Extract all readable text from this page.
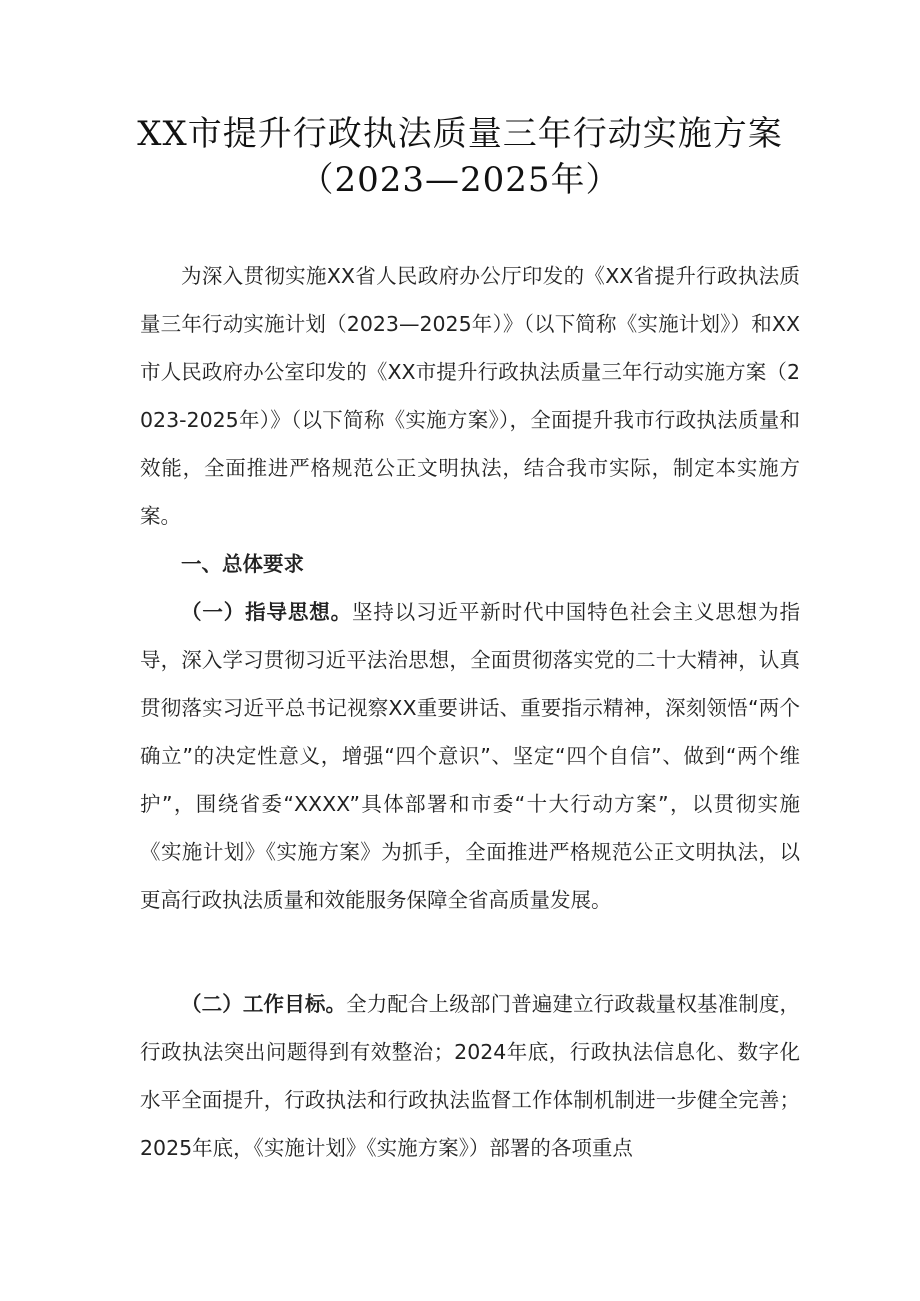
XX市提升行政执法质量三年行动实施方案
（2023—2025年）

为深入贯彻实施XX省人民政府办公厅印发的《XX省提升行政执法质量三年行动实施计划（2023—2025年）》（以下简称《实施计划》）和XX市人民政府办公室印发的《XX市提升行政执法质量三年行动实施方案（2023-2025年）》（以下简称《实施方案》），全面提升我市行政执法质量和效能，全面推进严格规范公正文明执法，结合我市实际，制定本实施方案。

一、总体要求

（一）指导思想。坚持以习近平新时代中国特色社会主义思想为指导，深入学习贯彻习近平法治思想，全面贯彻落实党的二十大精神，认真贯彻落实习近平总书记视察XX重要讲话、重要指示精神，深刻领悟“两个确立”的决定性意义，增强“四个意识”、坚定“四个自信”、做到“两个维护”，围绕省委“XXXX”具体部署和市委“十大行动方案”，以贯彻实施《实施计划》《实施方案》为抓手，全面推进严格规范公正文明执法，以更高行政执法质量和效能服务保障全省高质量发展。

（二）工作目标。全力配合上级部门普遍建立行政裁量权基准制度，行政执法突出问题得到有效整治；2024年底，行政执法信息化、数字化水平全面提升，行政执法和行政执法监督工作体制机制进一步健全完善；2025年底，《实施计划》《实施方案》）部署的各项重点
